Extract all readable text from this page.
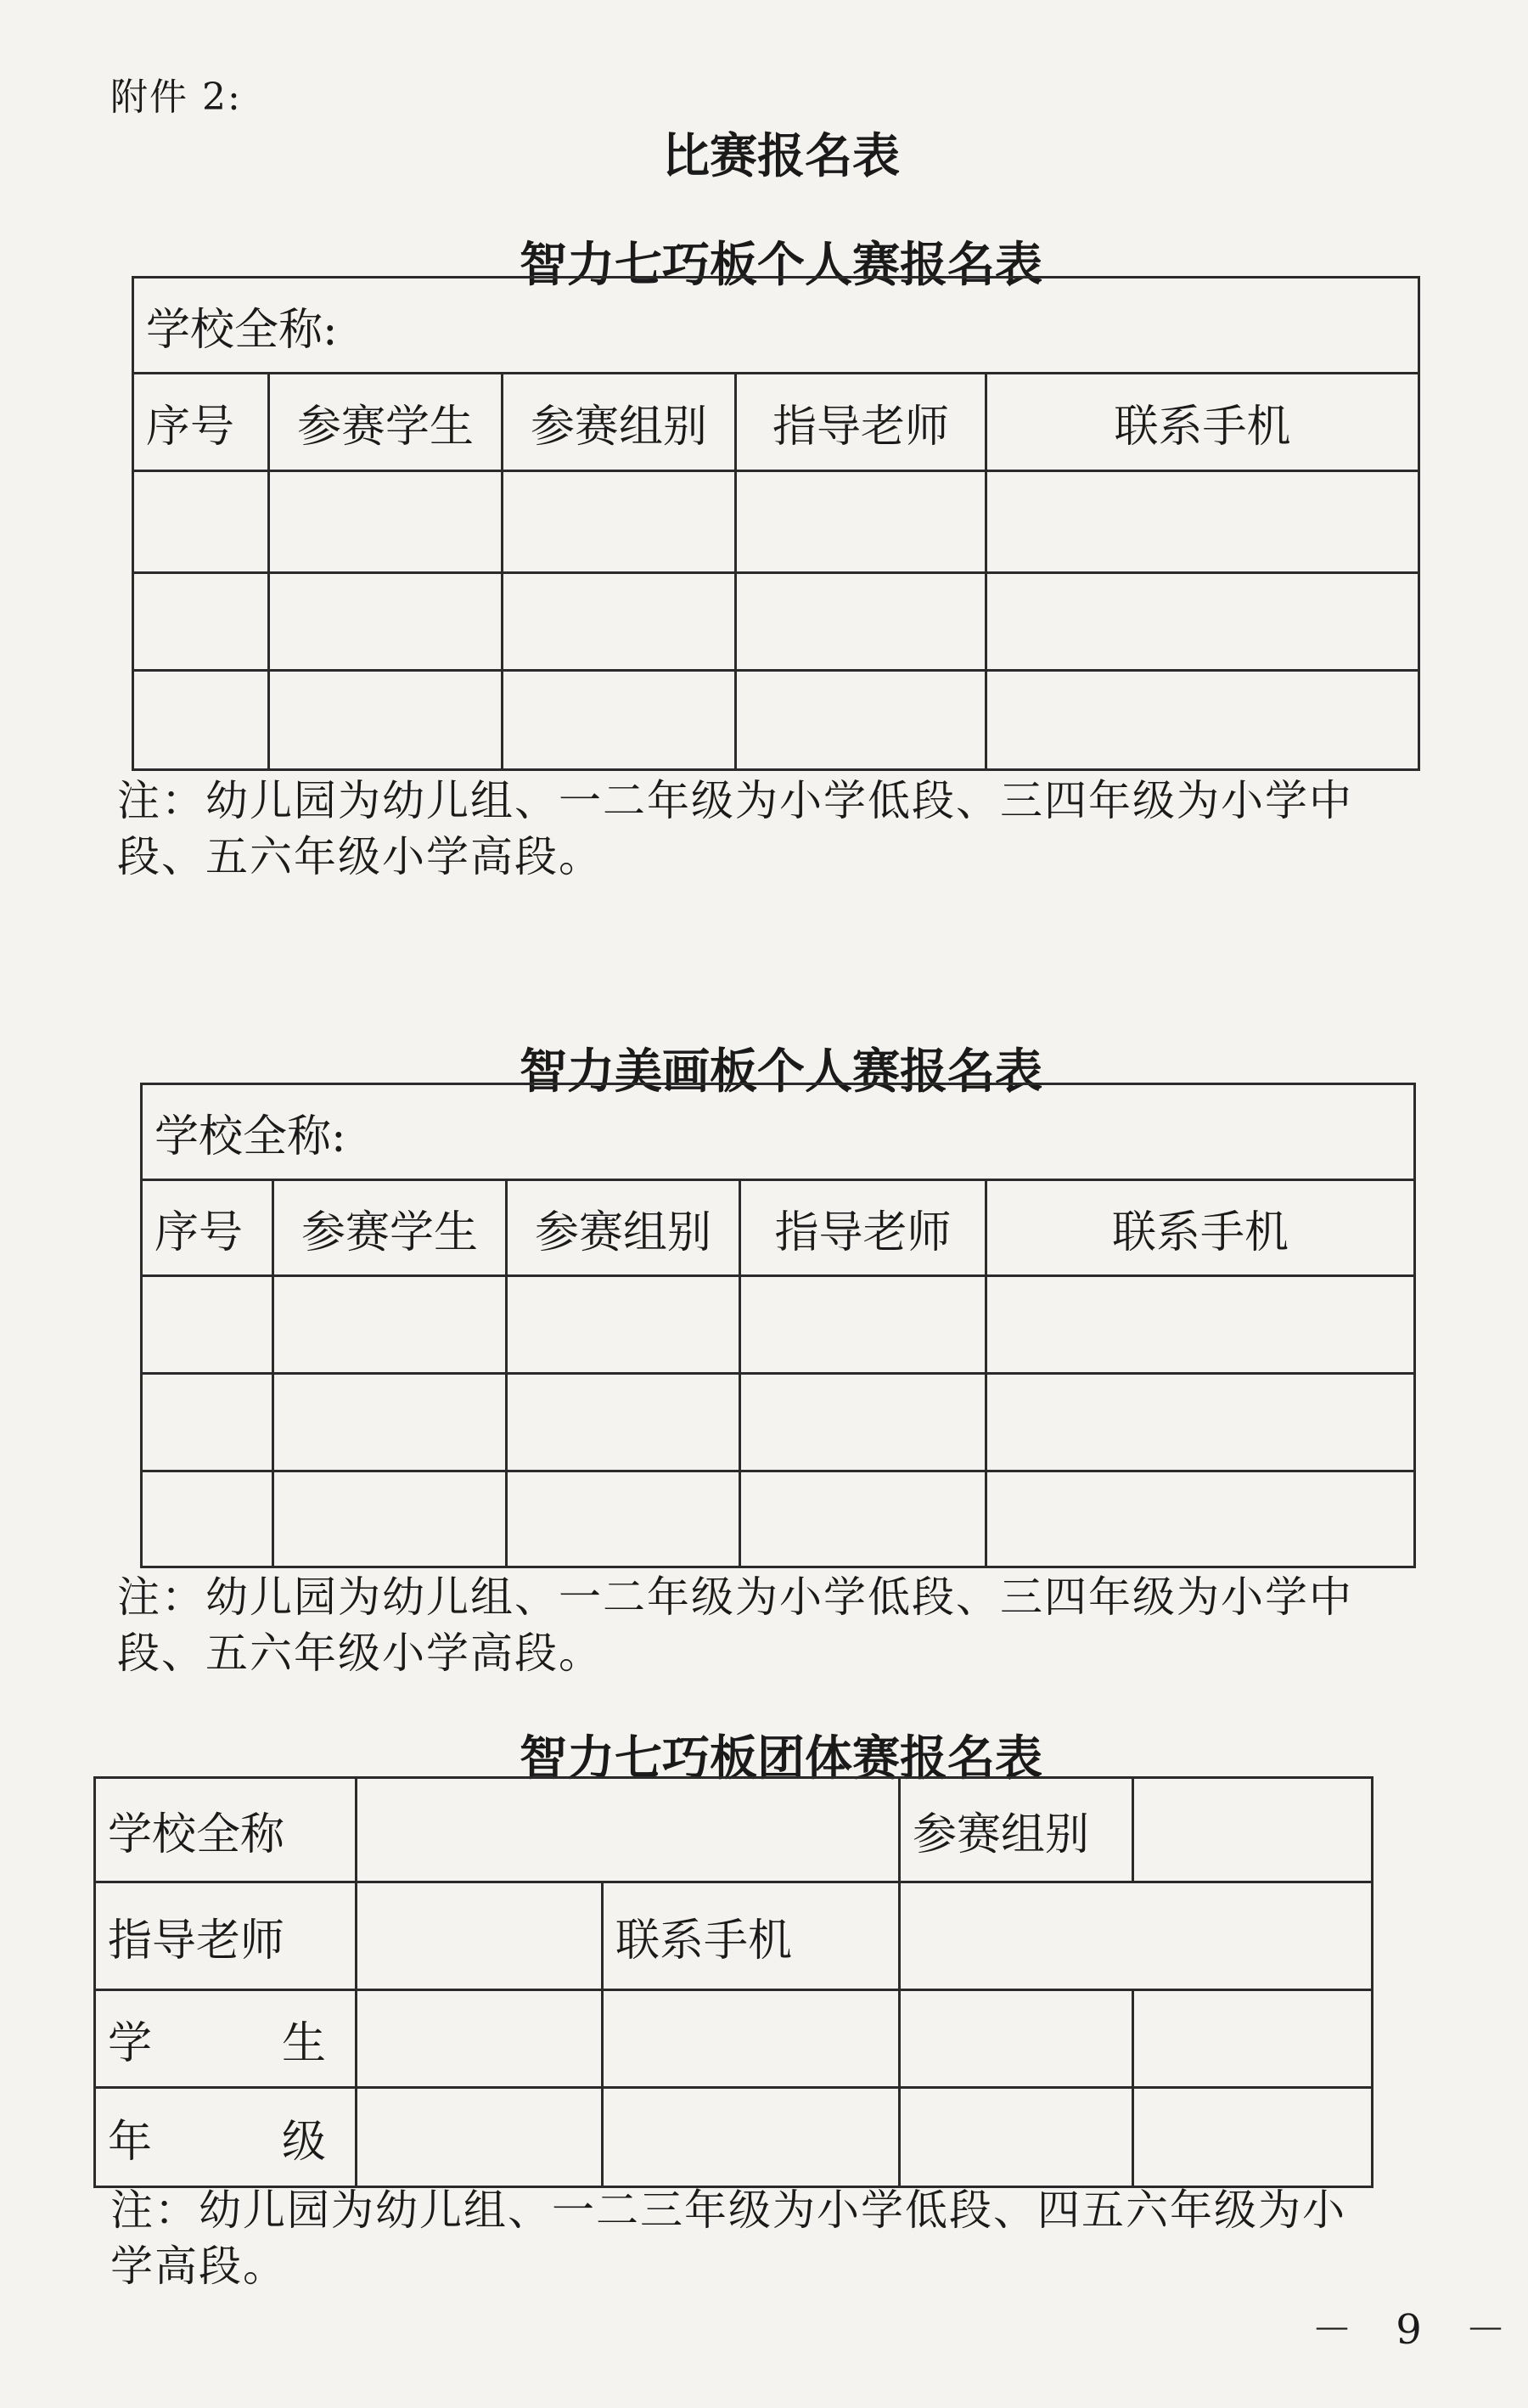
附件 2:
比赛报名表
智力七巧板个人赛报名表
学校全称:				
序号	参赛学生	参赛组别	指导老师	联系手机

注：幼儿园为幼儿组、一二年级为小学低段、三四年级为小学中
段、五六年级小学高段。
智力美画板个人赛报名表
学校全称:				
序号	参赛学生	参赛组别	指导老师	联系手机

注：幼儿园为幼儿组、一二年级为小学低段、三四年级为小学中
段、五六年级小学高段。
智力七巧板团体赛报名表
学校全称			参赛组别	
指导老师		联系手机		

学 生				

年 级				

注：幼儿园为幼儿组、一二三年级为小学低段、四五六年级为小
学高段。
－ 9 －
